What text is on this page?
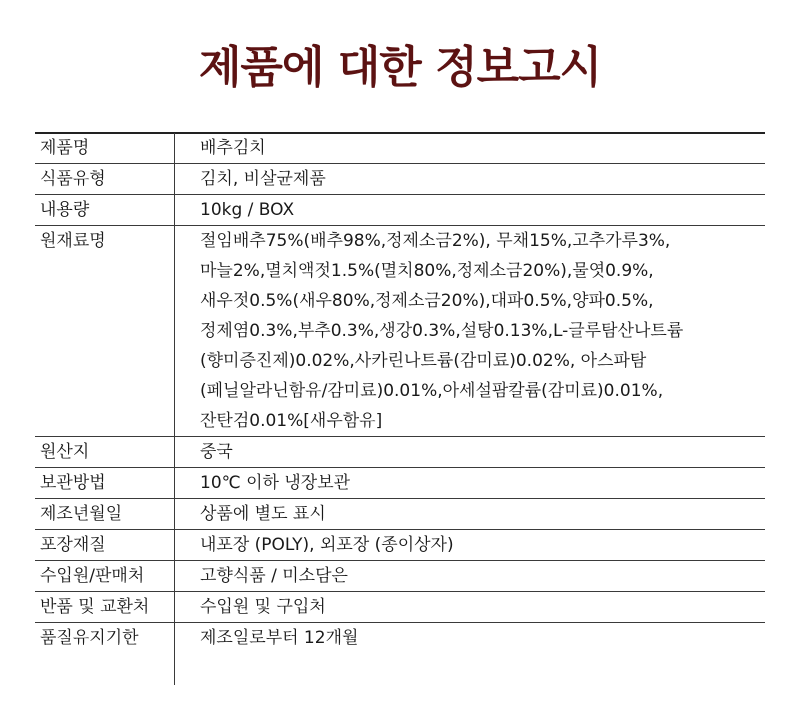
제품에 대한 정보고시
제품명	배추김치
식품유형	김치, 비살균제품
내용량	10kg / BOX
원재료명	절임배추75%(배추98%,정제소금2%), 무채15%,고추가루3%,
마늘2%,멸치액젓1.5%(멸치80%,정제소금20%),물엿0.9%,
새우젓0.5%(새우80%,정제소금20%),대파0.5%,양파0.5%,
정제염0.3%,부추0.3%,생강0.3%,설탕0.13%,L-글루탐산나트륨
(향미증진제)0.02%,사카린나트륨(감미료)0.02%, 아스파탐
(페닐알라닌함유/감미료)0.01%,아세설팜칼륨(감미료)0.01%,
잔탄검0.01%[새우함유]
원산지	중국
보관방법	10℃ 이하 냉장보관
제조년월일	상품에 별도 표시
포장재질	내포장 (POLY), 외포장 (종이상자)
수입원/판매처	고향식품 / 미소담은
반품 및 교환처	수입원 및 구입처
품질유지기한	제조일로부터 12개월
